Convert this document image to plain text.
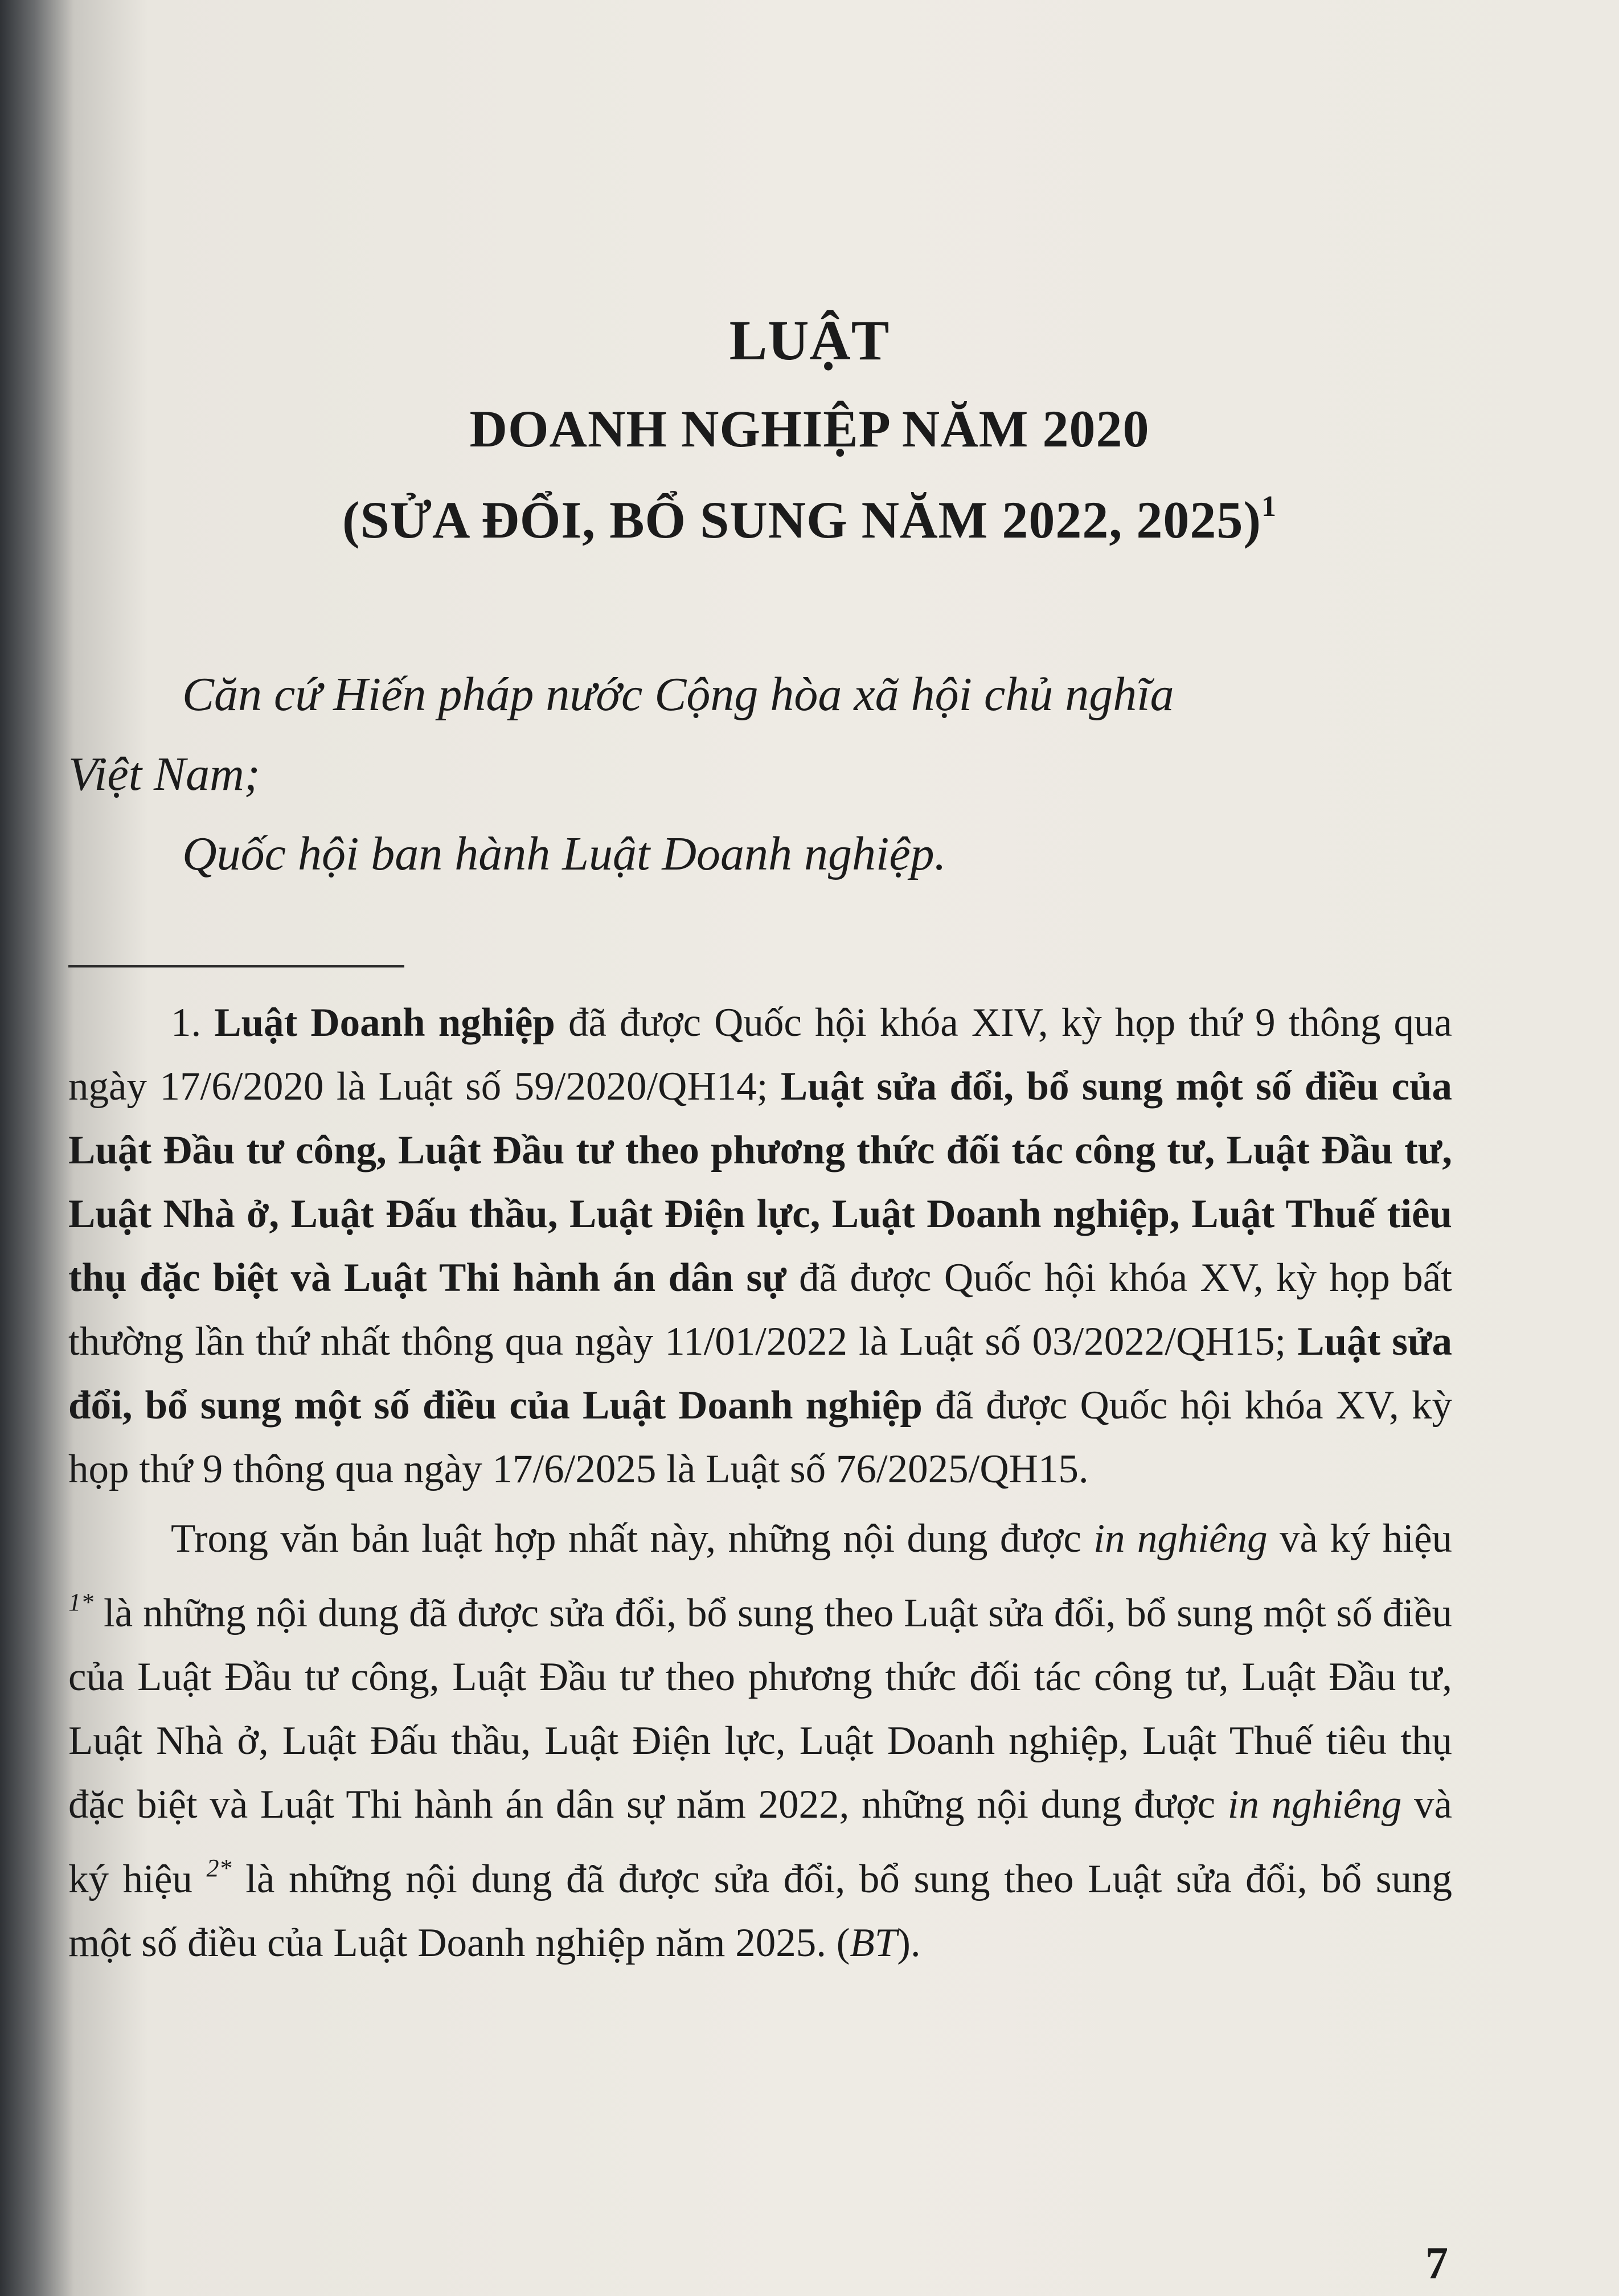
LUẬT
DOANH NGHIỆP NĂM 2020
(SỬA ĐỔI, BỔ SUNG NĂM 2022, 2025)$^1$
Căn cứ Hiến pháp nước Cộng hòa xã hội chủ nghĩa
Việt Nam;
Quốc hội ban hành Luật Doanh nghiệp.

1. Luật Doanh nghiệp đã được Quốc hội khóa XIV, kỳ họp thứ 9 thông qua ngày 17/6/2020 là Luật số 59/2020/QH14; Luật sửa đổi, bổ sung một số điều của Luật Đầu tư công, Luật Đầu tư theo phương thức đối tác công tư, Luật Đầu tư, Luật Nhà ở, Luật Đấu thầu, Luật Điện lực, Luật Doanh nghiệp, Luật Thuế tiêu thụ đặc biệt và Luật Thi hành án dân sự đã được Quốc hội khóa XV, kỳ họp bất thường lần thứ nhất thông qua ngày 11/01/2022 là Luật số 03/2022/QH15; Luật sửa đổi, bổ sung một số điều của Luật Doanh nghiệp đã được Quốc hội khóa XV, kỳ họp thứ 9 thông qua ngày 17/6/2025 là Luật số 76/2025/QH15.

Trong văn bản luật hợp nhất này, những nội dung được in nghiêng và ký hiệu $^{1*}$ là những nội dung đã được sửa đổi, bổ sung theo Luật sửa đổi, bổ sung một số điều của Luật Đầu tư công, Luật Đầu tư theo phương thức đối tác công tư, Luật Đầu tư, Luật Nhà ở, Luật Đấu thầu, Luật Điện lực, Luật Doanh nghiệp, Luật Thuế tiêu thụ đặc biệt và Luật Thi hành án dân sự năm 2022, những nội dung được in nghiêng và ký hiệu $^{2*}$ là những nội dung đã được sửa đổi, bổ sung theo Luật sửa đổi, bổ sung một số điều của Luật Doanh nghiệp năm 2025. (BT).

7
